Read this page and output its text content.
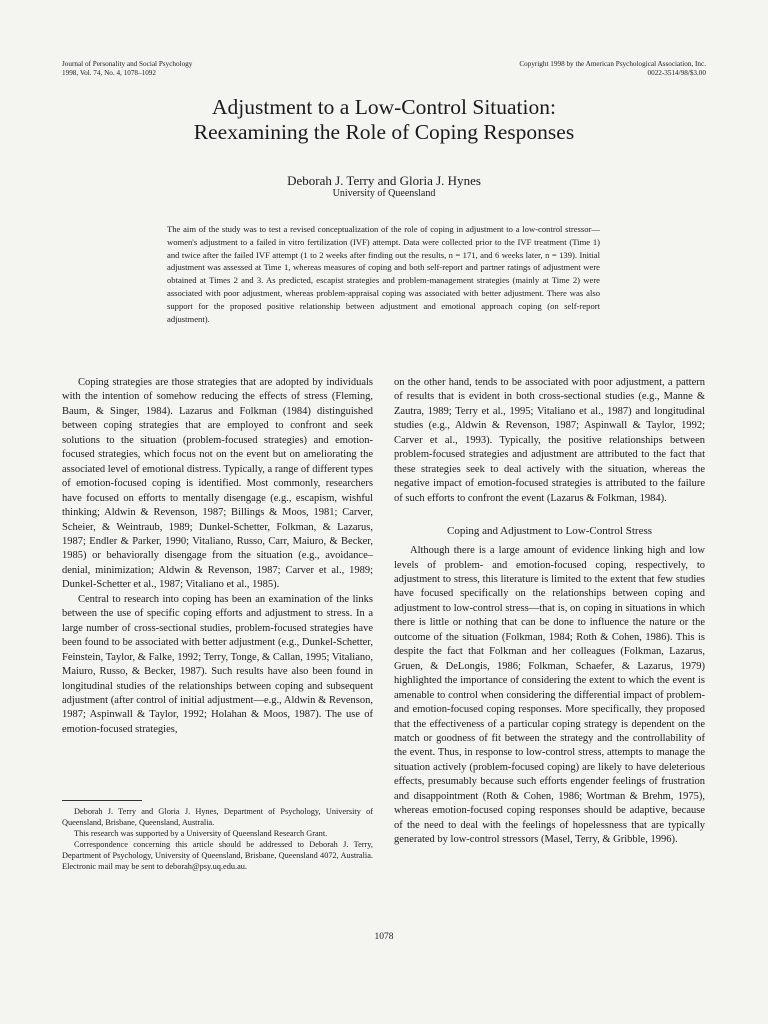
Journal of Personality and Social Psychology
1998, Vol. 74, No. 4, 1078–1092
Copyright 1998 by the American Psychological Association, Inc.
0022-3514/98/$3.00
Adjustment to a Low-Control Situation:
Reexamining the Role of Coping Responses
Deborah J. Terry and Gloria J. Hynes
University of Queensland
The aim of the study was to test a revised conceptualization of the role of coping in adjustment to a low-control stressor—women's adjustment to a failed in vitro fertilization (IVF) attempt. Data were collected prior to the IVF treatment (Time 1) and twice after the failed IVF attempt (1 to 2 weeks after finding out the results, n = 171, and 6 weeks later, n = 139). Initial adjustment was assessed at Time 1, whereas measures of coping and both self-report and partner ratings of adjustment were obtained at Times 2 and 3. As predicted, escapist strategies and problem-management strategies (mainly at Time 2) were associated with poor adjustment, whereas problem-appraisal coping was associated with better adjustment. There was also support for the proposed positive relationship between adjustment and emotional approach coping (on self-report adjustment).

Coping strategies are those strategies that are adopted by individuals with the intention of somehow reducing the effects of stress (Fleming, Baum, & Singer, 1984). Lazarus and Folkman (1984) distinguished between coping strategies that are employed to confront and seek solutions to the situation (problem-focused strategies) and emotion-focused strategies, which focus not on the event but on ameliorating the associated level of emotional distress. Typically, a range of different types of emotion-focused coping is identified. Most commonly, researchers have focused on efforts to mentally disengage (e.g., escapism, wishful thinking; Aldwin & Revenson, 1987; Billings & Moos, 1981; Carver, Scheier, & Weintraub, 1989; Dunkel-Schetter, Folkman, & Lazarus, 1987; Endler & Parker, 1990; Vitaliano, Russo, Carr, Maiuro, & Becker, 1985) or behaviorally disengage from the situation (e.g., avoidance–denial, minimization; Aldwin & Revenson, 1987; Carver et al., 1989; Dunkel-Schetter et al., 1987; Vitaliano et al., 1985).

Central to research into coping has been an examination of the links between the use of specific coping efforts and adjustment to stress. In a large number of cross-sectional studies, problem-focused strategies have been found to be associated with better adjustment (e.g., Dunkel-Schetter, Feinstein, Taylor, & Falke, 1992; Terry, Tonge, & Callan, 1995; Vitaliano, Maiuro, Russo, & Becker, 1987). Such results have also been found in longitudinal studies of the relationships between coping and subsequent adjustment (after control of initial adjustment—e.g., Aldwin & Revenson, 1987; Aspinwall & Taylor, 1992; Holahan & Moos, 1987). The use of emotion-focused strategies,

on the other hand, tends to be associated with poor adjustment, a pattern of results that is evident in both cross-sectional studies (e.g., Manne & Zautra, 1989; Terry et al., 1995; Vitaliano et al., 1987) and longitudinal studies (e.g., Aldwin & Revenson, 1987; Aspinwall & Taylor, 1992; Carver et al., 1993). Typically, the positive relationships between problem-focused strategies and adjustment are attributed to the fact that these strategies seek to deal actively with the situation, whereas the negative impact of emotion-focused strategies is attributed to the failure of such efforts to confront the event (Lazarus & Folkman, 1984).

Coping and Adjustment to Low-Control Stress

Although there is a large amount of evidence linking high and low levels of problem- and emotion-focused coping, respectively, to adjustment to stress, this literature is limited to the extent that few studies have focused specifically on the relationships between coping and adjustment to low-control stress—that is, on coping in situations in which there is little or nothing that can be done to influence the nature or the outcome of the situation (Folkman, 1984; Roth & Cohen, 1986). This is despite the fact that Folkman and her colleagues (Folkman, Lazarus, Gruen, & DeLongis, 1986; Folkman, Schaefer, & Lazarus, 1979) highlighted the importance of considering the extent to which the event is amenable to control when considering the differential impact of problem- and emotion-focused coping responses. More specifically, they proposed that the effectiveness of a particular coping strategy is dependent on the match or goodness of fit between the strategy and the controllability of the event. Thus, in response to low-control stress, attempts to manage the situation actively (problem-focused coping) are likely to have deleterious effects, presumably because such efforts engender feelings of frustration and disappointment (Roth & Cohen, 1986; Wortman & Brehm, 1975), whereas emotion-focused coping responses should be adaptive, because of the need to deal with the feelings of hopelessness that are typically generated by low-control stressors (Masel, Terry, & Gribble, 1996).

Deborah J. Terry and Gloria J. Hynes, Department of Psychology, University of Queensland, Brisbane, Queensland, Australia.

This research was supported by a University of Queensland Research Grant.

Correspondence concerning this article should be addressed to Deborah J. Terry, Department of Psychology, University of Queensland, Brisbane, Queensland 4072, Australia. Electronic mail may be sent to deborah@psy.uq.edu.au.

1078
